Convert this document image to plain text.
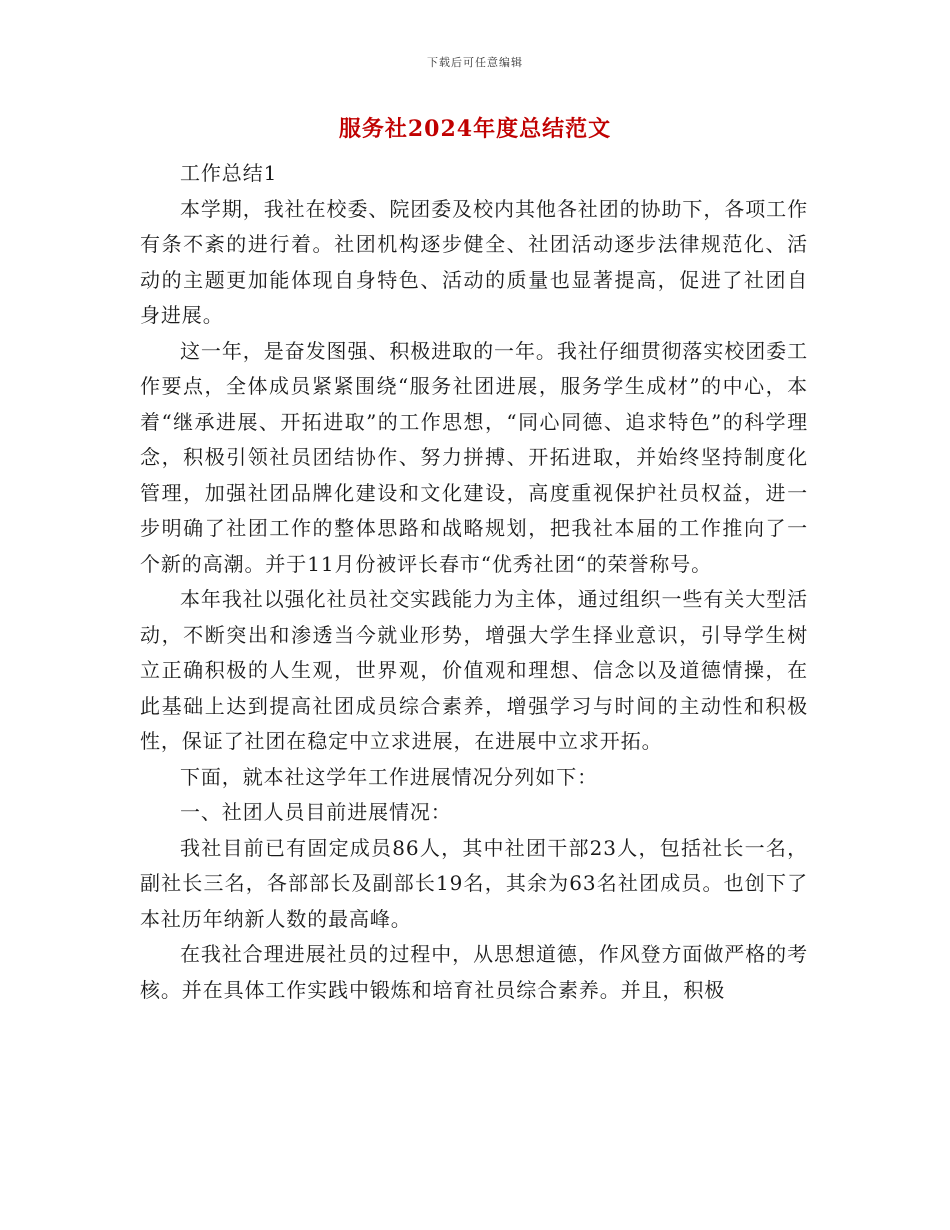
下载后可任意编辑
服务社2024年度总结范文

工作总结1

本学期，我社在校委、院团委及校内其他各社团的协助下，各项工作有条不紊的进行着。社团机构逐步健全、社团活动逐步法律规范化、活动的主题更加能体现自身特色、活动的质量也显著提高，促进了社团自身进展。

这一年，是奋发图强、积极进取的一年。我社仔细贯彻落实校团委工作要点，全体成员紧紧围绕“服务社团进展，服务学生成材”的中心，本着“继承进展、开拓进取”的工作思想，“同心同德、追求特色”的科学理念，积极引领社员团结协作、努力拼搏、开拓进取，并始终坚持制度化管理，加强社团品牌化建设和文化建设，高度重视保护社员权益，进一步明确了社团工作的整体思路和战略规划，把我社本届的工作推向了一个新的高潮。并于11月份被评长春市“优秀社团“的荣誉称号。

本年我社以强化社员社交实践能力为主体，通过组织一些有关大型活动，不断突出和渗透当今就业形势，增强大学生择业意识，引导学生树立正确积极的人生观，世界观，价值观和理想、信念以及道德情操，在此基础上达到提高社团成员综合素养，增强学习与时间的主动性和积极性，保证了社团在稳定中立求进展，在进展中立求开拓。

下面，就本社这学年工作进展情况分列如下：

一、社团人员目前进展情况：

我社目前已有固定成员86人，其中社团干部23人，包括社长一名，副社长三名，各部部长及副部长19名，其余为63名社团成员。也创下了本社历年纳新人数的最高峰。

在我社合理进展社员的过程中，从思想道德，作风登方面做严格的考核。并在具体工作实践中锻炼和培育社员综合素养。并且，积极
